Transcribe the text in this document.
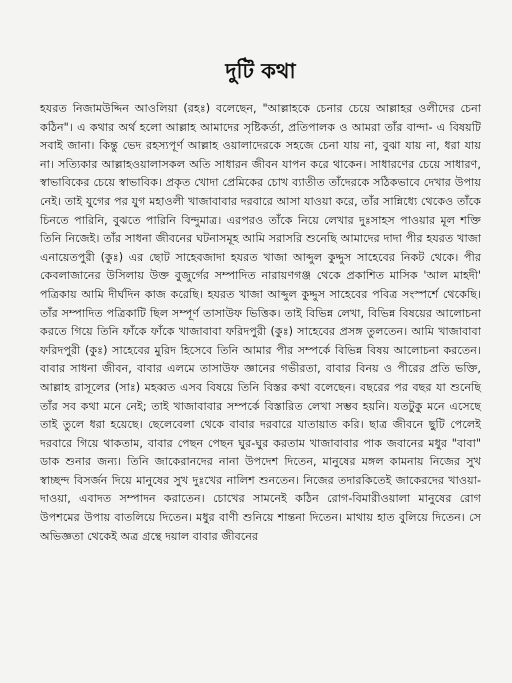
দুটি কথা

হযরত নিজামউদ্দিন আওলিয়া (রহঃ) বলেছেন, "আল্লাহকে চেনার চেয়ে আল্লাহর ওলীদের চেনা কঠিন"। এ কথার অর্থ হলো আল্লাহ আমাদের সৃষ্টিকর্তা, প্রতিপালক ও আমরা তাঁর বান্দা- এ বিষয়টি সবাই জানা। কিন্তু ভেদ রহস্যপূর্ণ আল্লাহ ওয়ালাদেরকে সহজে চেনা যায় না, বুঝা যায় না, ধরা যায় না। সত্যিকার আল্লাহওয়ালাসকল অতি সাধারন জীবন যাপন করে থাকেন। সাধারণের চেয়ে সাধারণ, স্বাভাবিকের চেয়ে স্বাভাবিক। প্রকৃত খোদা প্রেমিকের চোখ ব্যাতীত তাঁদেরকে সঠিকভাবে দেখার উপায় নেই। তাই যুগের পর যুগ মহাওলী খাজাবাবার দরবারে আসা যাওয়া করে, তাঁর সান্নিধ্যে থেকেও তাঁকে চিনতে পারিনি, বুঝতে পারিনি বিন্দুমাত্র। এরপরও তাঁকে নিয়ে লেখার দুঃসাহস পাওয়ার মূল শক্তি তিনি নিজেই। তাঁর সাধনা জীবনের ঘটনাসমূহ আমি সরাসরি শুনেছি আমাদের দাদা পীর হযরত খাজা এনায়েতপুরী (কুঃ) এর ছোট সাহেবজাদা হযরত খাজা আব্দুল কুদ্দুস সাহেবের নিকট থেকে। পীর কেবলাজানের উসিলায় উক্ত বুজুর্গের সম্পাদিত নারায়ণগঞ্জ থেকে প্রকাশিত মাসিক 'আল মাহদী' পত্রিকায় আমি দীর্ঘদিন কাজ করেছি। হযরত খাজা আব্দুল কুদ্দুস সাহেবের পবিত্র সংস্পর্শে থেকেছি। তাঁর সম্পাদিত পত্রিকাটি ছিল সম্পূর্ণ তাসাউফ ভিত্তিক। তাই বিভিন্ন লেখা, বিভিন্ন বিষয়ের আলোচনা করতে গিয়ে তিনি ফাঁকে ফাঁকে খাজাবাবা ফরিদপুরী (কুঃ) সাহেবের প্রসঙ্গ তুলতেন। আমি খাজাবাবা ফরিদপুরী (কুঃ) সাহেবের মুরিদ হিসেবে তিনি আমার পীর সম্পর্কে বিভিন্ন বিষয় আলোচনা করতেন। বাবার সাধনা জীবন, বাবার এলমে তাসাউফ জ্ঞানের গভীরতা, বাবার বিনয় ও পীরের প্রতি ভক্তি, আল্লাহ রাসূলের (সাঃ) মহব্বত এসব বিষয়ে তিনি বিস্তর কথা বলেছেন। বছরের পর বছর যা শুনেছি তাঁর সব কথা মনে নেই; তাই খাজাবাবার সম্পর্কে বিস্তারিত লেখা সম্ভব হয়নি। যতটুকু মনে এসেছে তাই তুলে ধরা হয়েছে। ছেলেবেলা থেকে বাবার দরবারে যাতায়াত করি। ছাত্র জীবনে ছুটি পেলেই দরবারে গিয়ে থাকতাম, বাবার পেছন পেছন ঘুর-ঘুর করতাম খাজাবাবার পাক জবানের মধুর "বাবা" ডাক শুনার জন্য। তিনি জাকেরানদের নানা উপদেশ দিতেন, মানুষের মঙ্গল কামনায় নিজের সুখ স্বাচ্ছন্দ বিসর্জন দিয়ে মানুষের সুখ দুঃখের নালিশ শুনতেন। নিজের তদারকিতেই জাকেরদের খাওয়া-দাওয়া, এবাদত সম্পাদন করাতেন। চোখের সামনেই কঠিন রোগ-বিমারীওয়ালা মানুষের রোগ উপশমের উপায় বাতলিয়ে দিতেন। মধুর বাণী শুনিয়ে শান্তনা দিতেন। মাথায় হাত বুলিয়ে দিতেন। সে অভিজ্ঞতা থেকেই অত্র গ্রন্থে দয়াল বাবার জীবনের
